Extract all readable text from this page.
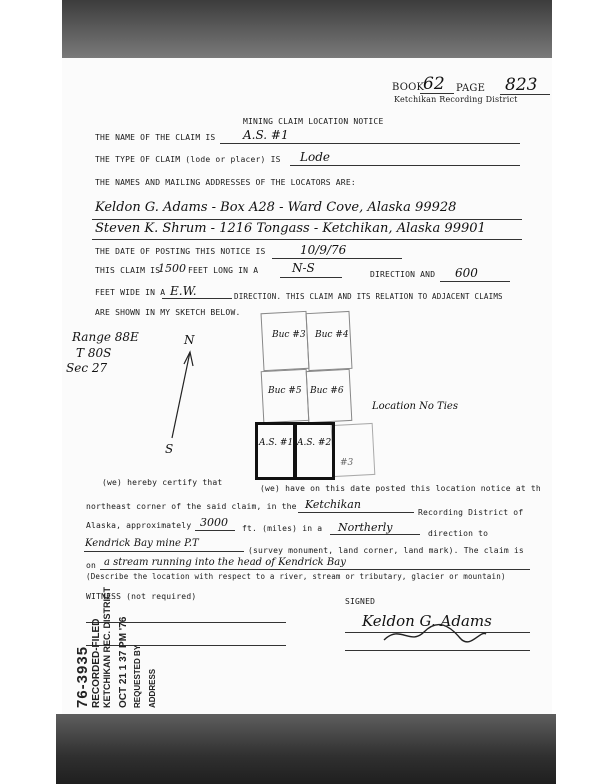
BOOK
62 PAGE 823
Ketchikan Recording District
MINING CLAIM LOCATION NOTICE
THE NAME OF THE CLAIM IS A.S. #1
THE TYPE OF CLAIM (lode or placer) IS Lode
THE NAMES AND MAILING ADDRESSES OF THE LOCATORS ARE:
Keldon G. Adams - Box A28 - Ward Cove, Alaska 99928
Steven K. Shrum - 1216 Tongass - Ketchikan, Alaska 99901
THE DATE OF POSTING THIS NOTICE IS	10/9/76
THIS CLAIM IS
1500 FEET LONG IN A	N-S	DIRECTION AND 600
FEET WIDE IN A E.W.	DIRECTION. THIS CLAIM AND ITS RELATION TO ADJACENT CLAIMS
ARE SHOWN IN MY SKETCH BELOW.
Range 88E
T 80S
Sec 27
N
S
Buc #3 Buc #4
Buc #5 Buc #6
A.S. #1 A.S. #2
#3
Location No Ties
(we) hereby certify that
(we) have on this date posted this location notice at th
northeast corner of the said claim, in the Ketchikan
Recording District of
Alaska, approximately 3000 ft. (miles) in a Northerly	direction to
Kendrick Bay mine P.T
(survey monument, land corner, land mark). The claim is
on a stream running into the head of Kendrick Bay
(Describe the location with respect to a river, stream or tributary, glacier or mountain)
WITNESS (not required)
SIGNED
Keldon G. Adams
76-3935 RECORDED-FILED KETCHIKAN REC. DISTRICT OCT 21 1 37 PM '76 REQUESTED BY ADDRESS
